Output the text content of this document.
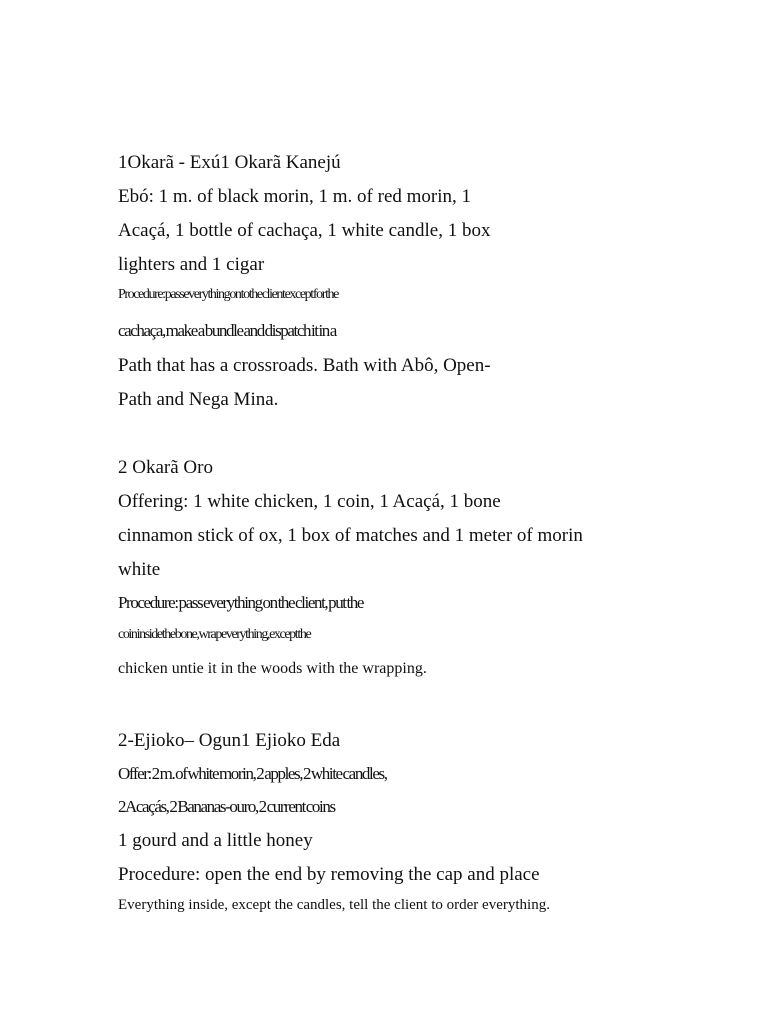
1Okarã - Exú1 Okarã Kanejú
Ebó: 1 m. of black morin, 1 m. of red morin, 1
Acaçá, 1 bottle of cachaça, 1 white candle, 1 box
lighters and 1 cigar
Procedure: pass everything on to the client except for the
cachaça, make a bundle and dispatch it in a
Path that has a crossroads. Bath with Abô, Open-
Path and Nega Mina.
2 Okarã Oro
Offering: 1 white chicken, 1 coin, 1 Acaçá, 1 bone
cinnamon stick of ox, 1 box of matches and 1 meter of morin
white
Procedure: pass everything on the client, put the
coin inside the bone, wrap everything, except the
chicken untie it in the woods with the wrapping.
2-Ejioko– Ogun1 Ejioko Eda
Offer: 2 m. of white morin, 2 apples, 2 white candles,
2 Acaçás, 2 Bananas-ouro, 2 current coins
1 gourd and a little honey
Procedure: open the end by removing the cap and place
Everything inside, except the candles, tell the client to order everything.
